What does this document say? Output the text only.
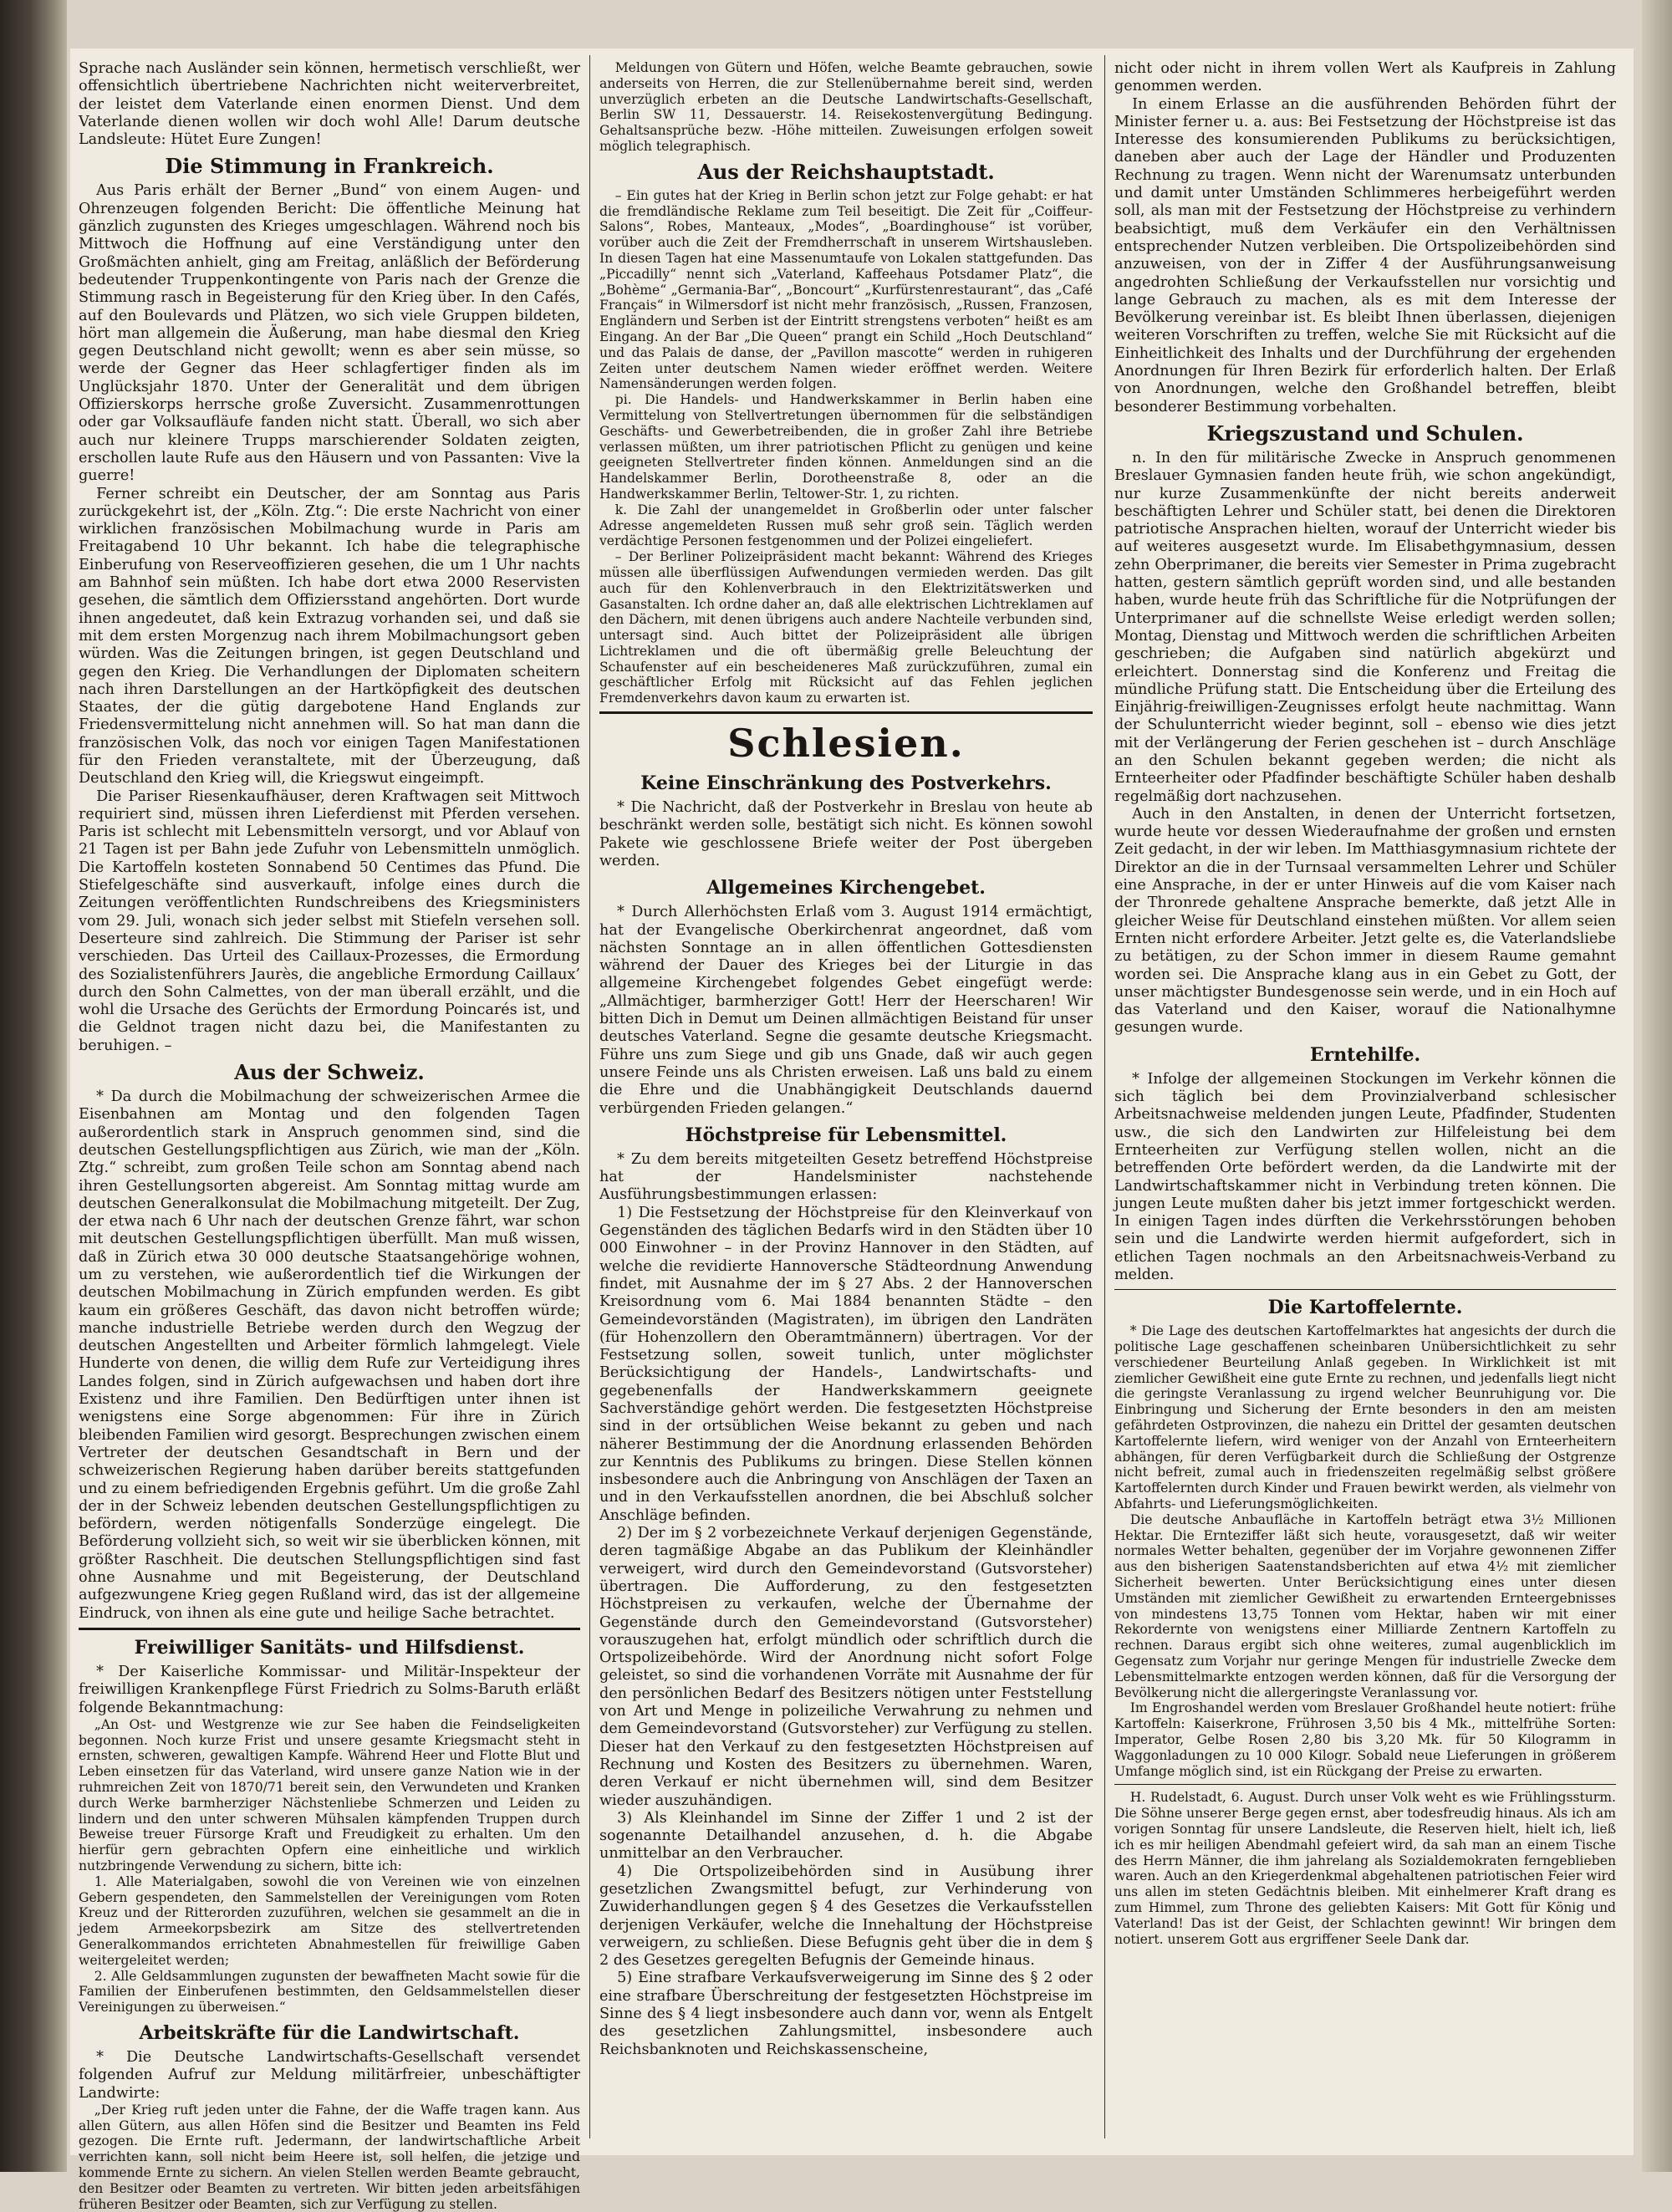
Sprache nach Ausländer sein können, hermetisch verschließt, wer offensichtlich übertriebene Nachrichten nicht weiterverbreitet, der leistet dem Vaterlande einen enormen Dienst. Und dem Vaterlande dienen wollen wir doch wohl Alle! Darum deutsche Landsleute: Hütet Eure Zungen!

Die Stimmung in Frankreich.

Aus Paris erhält der Berner „Bund“ von einem Augen- und Ohrenzeugen folgenden Bericht: Die öffentliche Meinung hat gänzlich zugunsten des Krieges umgeschlagen. Während noch bis Mittwoch die Hoffnung auf eine Verständigung unter den Großmächten anhielt, ging am Freitag, anläßlich der Beförderung bedeutender Truppenkontingente von Paris nach der Grenze die Stimmung rasch in Begeisterung für den Krieg über. In den Cafés, auf den Boulevards und Plätzen, wo sich viele Gruppen bildeten, hört man allgemein die Äußerung, man habe diesmal den Krieg gegen Deutschland nicht gewollt; wenn es aber sein müsse, so werde der Gegner das Heer schlagfertiger finden als im Unglücksjahr 1870. Unter der Generalität und dem übrigen Offizierskorps herrsche große Zuversicht. Zusammenrottungen oder gar Volksaufläufe fanden nicht statt. Überall, wo sich aber auch nur kleinere Trupps marschierender Soldaten zeigten, erschollen laute Rufe aus den Häusern und von Passanten: Vive la guerre!

Ferner schreibt ein Deutscher, der am Sonntag aus Paris zurückgekehrt ist, der „Köln. Ztg.“: Die erste Nachricht von einer wirklichen französischen Mobilmachung wurde in Paris am Freitagabend 10 Uhr bekannt. Ich habe die telegraphische Einberufung von Reserveoffizieren gesehen, die um 1 Uhr nachts am Bahnhof sein müßten. Ich habe dort etwa 2000 Reservisten gesehen, die sämtlich dem Offiziersstand angehörten. Dort wurde ihnen angedeutet, daß kein Extrazug vorhanden sei, und daß sie mit dem ersten Morgenzug nach ihrem Mobilmachungsort geben würden. Was die Zeitungen bringen, ist gegen Deutschland und gegen den Krieg. Die Verhandlungen der Diplomaten scheitern nach ihren Darstellungen an der Hartköpfigkeit des deutschen Staates, der die gütig dargebotene Hand Englands zur Friedensvermittelung nicht annehmen will. So hat man dann die französischen Volk, das noch vor einigen Tagen Manifestationen für den Frieden veranstaltete, mit der Überzeugung, daß Deutschland den Krieg will, die Kriegswut eingeimpft.

Die Pariser Riesenkaufhäuser, deren Kraftwagen seit Mittwoch requiriert sind, müssen ihren Lieferdienst mit Pferden versehen. Paris ist schlecht mit Lebensmitteln versorgt, und vor Ablauf von 21 Tagen ist per Bahn jede Zufuhr von Lebensmitteln unmöglich. Die Kartoffeln kosteten Sonnabend 50 Centimes das Pfund. Die Stiefelgeschäfte sind ausverkauft, infolge eines durch die Zeitungen veröffentlichten Rundschreibens des Kriegsministers vom 29. Juli, wonach sich jeder selbst mit Stiefeln versehen soll. Deserteure sind zahlreich. Die Stimmung der Pariser ist sehr verschieden. Das Urteil des Caillaux-Prozesses, die Ermordung des Sozialistenführers Jaurès, die angebliche Ermordung Caillaux’ durch den Sohn Calmettes, von der man überall erzählt, und die wohl die Ursache des Gerüchts der Ermordung Poincarés ist, und die Geldnot tragen nicht dazu bei, die Manifestanten zu beruhigen. –

Aus der Schweiz.

* Da durch die Mobilmachung der schweizerischen Armee die Eisenbahnen am Montag und den folgenden Tagen außerordentlich stark in Anspruch genommen sind, sind die deutschen Gestellungspflichtigen aus Zürich, wie man der „Köln. Ztg.“ schreibt, zum großen Teile schon am Sonntag abend nach ihren Gestellungsorten abgereist. Am Sonntag mittag wurde am deutschen Generalkonsulat die Mobilmachung mitgeteilt. Der Zug, der etwa nach 6 Uhr nach der deutschen Grenze fährt, war schon mit deutschen Gestellungspflichtigen überfüllt. Man muß wissen, daß in Zürich etwa 30 000 deutsche Staatsangehörige wohnen, um zu verstehen, wie außerordentlich tief die Wirkungen der deutschen Mobilmachung in Zürich empfunden werden. Es gibt kaum ein größeres Geschäft, das davon nicht betroffen würde; manche industrielle Betriebe werden durch den Wegzug der deutschen Angestellten und Arbeiter förmlich lahmgelegt. Viele Hunderte von denen, die willig dem Rufe zur Verteidigung ihres Landes folgen, sind in Zürich aufgewachsen und haben dort ihre Existenz und ihre Familien. Den Bedürftigen unter ihnen ist wenigstens eine Sorge abgenommen: Für ihre in Zürich bleibenden Familien wird gesorgt. Besprechungen zwischen einem Vertreter der deutschen Gesandtschaft in Bern und der schweizerischen Regierung haben darüber bereits stattgefunden und zu einem befriedigenden Ergebnis geführt. Um die große Zahl der in der Schweiz lebenden deutschen Gestellungspflichtigen zu befördern, werden nötigenfalls Sonderzüge eingelegt. Die Beförderung vollzieht sich, so weit wir sie überblicken können, mit größter Raschheit. Die deutschen Stellungspflichtigen sind fast ohne Ausnahme und mit Begeisterung, der Deutschland aufgezwungene Krieg gegen Rußland wird, das ist der allgemeine Eindruck, von ihnen als eine gute und heilige Sache betrachtet.

Freiwilliger Sanitäts- und Hilfsdienst.

* Der Kaiserliche Kommissar- und Militär-Inspekteur der freiwilligen Krankenpflege Fürst Friedrich zu Solms-Baruth erläßt folgende Bekanntmachung:

„An Ost- und Westgrenze wie zur See haben die Feindseligkeiten begonnen. Noch kurze Frist und unsere gesamte Kriegsmacht steht in ernsten, schweren, gewaltigen Kampfe. Während Heer und Flotte Blut und Leben einsetzen für das Vaterland, wird unsere ganze Nation wie in der ruhmreichen Zeit von 1870/71 bereit sein, den Verwundeten und Kranken durch Werke barmherziger Nächstenliebe Schmerzen und Leiden zu lindern und den unter schweren Mühsalen kämpfenden Truppen durch Beweise treuer Fürsorge Kraft und Freudigkeit zu erhalten. Um den hierfür gern gebrachten Opfern eine einheitliche und wirklich nutzbringende Verwendung zu sichern, bitte ich:

1. Alle Materialgaben, sowohl die von Vereinen wie von einzelnen Gebern gespendeten, den Sammelstellen der Vereinigungen vom Roten Kreuz und der Ritterorden zuzuführen, welchen sie gesammelt an die in jedem Armeekorpsbezirk am Sitze des stellvertretenden Generalkommandos errichteten Abnahmestellen für freiwillige Gaben weitergeleitet werden;

2. Alle Geldsammlungen zugunsten der bewaffneten Macht sowie für die Familien der Einberufenen bestimmten, den Geldsammelstellen dieser Vereinigungen zu überweisen.“

Arbeitskräfte für die Landwirtschaft.

* Die Deutsche Landwirtschafts-Gesellschaft versendet folgenden Aufruf zur Meldung militärfreier, unbeschäftigter Landwirte:

„Der Krieg ruft jeden unter die Fahne, der die Waffe tragen kann. Aus allen Gütern, aus allen Höfen sind die Besitzer und Beamten ins Feld gezogen. Die Ernte ruft. Jedermann, der landwirtschaftliche Arbeit verrichten kann, soll nicht beim Heere ist, soll helfen, die jetzige und kommende Ernte zu sichern. An vielen Stellen werden Beamte gebraucht, den Besitzer oder Beamten zu vertreten. Wir bitten jeden arbeitsfähigen früheren Besitzer oder Beamten, sich zur Verfügung zu stellen.

Meldungen von Gütern und Höfen, welche Beamte gebrauchen, sowie anderseits von Herren, die zur Stellenübernahme bereit sind, werden unverzüglich erbeten an die Deutsche Landwirtschafts-Gesellschaft, Berlin SW 11, Dessauerstr. 14. Reisekostenvergütung Bedingung. Gehaltsansprüche bezw. -Höhe mitteilen. Zuweisungen erfolgen soweit möglich telegraphisch.

Aus der Reichshauptstadt.

– Ein gutes hat der Krieg in Berlin schon jetzt zur Folge gehabt: er hat die fremdländische Reklame zum Teil beseitigt. Die Zeit für „Coiffeur-Salons“, Robes, Manteaux, „Modes“, „Boardinghouse“ ist vorüber, vorüber auch die Zeit der Fremdherrschaft in unserem Wirtshausleben. In diesen Tagen hat eine Massenumtaufe von Lokalen stattgefunden. Das „Piccadilly“ nennt sich „Vaterland, Kaffeehaus Potsdamer Platz“, die „Bohème“ „Germania-Bar“, „Boncourt“ „Kurfürstenrestaurant“, das „Café Français“ in Wilmersdorf ist nicht mehr französisch, „Russen, Franzosen, Engländern und Serben ist der Eintritt strengstens verboten“ heißt es am Eingang. An der Bar „Die Queen“ prangt ein Schild „Hoch Deutschland“ und das Palais de danse, der „Pavillon mascotte“ werden in ruhigeren Zeiten unter deutschem Namen wieder eröffnet werden. Weitere Namensänderungen werden folgen.

pi. Die Handels- und Handwerkskammer in Berlin haben eine Vermittelung von Stellvertretungen übernommen für die selbständigen Geschäfts- und Gewerbetreibenden, die in großer Zahl ihre Betriebe verlassen müßten, um ihrer patriotischen Pflicht zu genügen und keine geeigneten Stellvertreter finden können. Anmeldungen sind an die Handelskammer Berlin, Dorotheenstraße 8, oder an die Handwerkskammer Berlin, Teltower-Str. 1, zu richten.

k. Die Zahl der unangemeldet in Großberlin oder unter falscher Adresse angemeldeten Russen muß sehr groß sein. Täglich werden verdächtige Personen festgenommen und der Polizei eingeliefert.

– Der Berliner Polizeipräsident macht bekannt: Während des Krieges müssen alle überflüssigen Aufwendungen vermieden werden. Das gilt auch für den Kohlenverbrauch in den Elektrizitätswerken und Gasanstalten. Ich ordne daher an, daß alle elektrischen Lichtreklamen auf den Dächern, mit denen übrigens auch andere Nachteile verbunden sind, untersagt sind. Auch bittet der Polizeipräsident alle übrigen Lichtreklamen und die oft übermäßig grelle Beleuchtung der Schaufenster auf ein bescheideneres Maß zurückzuführen, zumal ein geschäftlicher Erfolg mit Rücksicht auf das Fehlen jeglichen Fremdenverkehrs davon kaum zu erwarten ist.

Schlesien.
Keine Einschränkung des Postverkehrs.

* Die Nachricht, daß der Postverkehr in Breslau von heute ab beschränkt werden solle, bestätigt sich nicht. Es können sowohl Pakete wie geschlossene Briefe weiter der Post übergeben werden.

Allgemeines Kirchengebet.

* Durch Allerhöchsten Erlaß vom 3. August 1914 ermächtigt, hat der Evangelische Oberkirchenrat angeordnet, daß vom nächsten Sonntage an in allen öffentlichen Gottesdiensten während der Dauer des Krieges bei der Liturgie in das allgemeine Kirchengebet folgendes Gebet eingefügt werde: „Allmächtiger, barmherziger Gott! Herr der Heerscharen! Wir bitten Dich in Demut um Deinen allmächtigen Beistand für unser deutsches Vaterland. Segne die gesamte deutsche Kriegsmacht. Führe uns zum Siege und gib uns Gnade, daß wir auch gegen unsere Feinde uns als Christen erweisen. Laß uns bald zu einem die Ehre und die Unabhängigkeit Deutschlands dauernd verbürgenden Frieden gelangen.“

Höchstpreise für Lebensmittel.

* Zu dem bereits mitgeteilten Gesetz betreffend Höchstpreise hat der Handelsminister nachstehende Ausführungsbestimmungen erlassen:

1) Die Festsetzung der Höchstpreise für den Kleinverkauf von Gegenständen des täglichen Bedarfs wird in den Städten über 10 000 Einwohner – in der Provinz Hannover in den Städten, auf welche die revidierte Hannoversche Städteordnung Anwendung findet, mit Ausnahme der im § 27 Abs. 2 der Hannoverschen Kreisordnung vom 6. Mai 1884 benannten Städte – den Gemeindevorständen (Magistraten), im übrigen den Landräten (für Hohenzollern den Oberamtmännern) übertragen. Vor der Festsetzung sollen, soweit tunlich, unter möglichster Berücksichtigung der Handels-, Landwirtschafts- und gegebenenfalls der Handwerkskammern geeignete Sachverständige gehört werden. Die festgesetzten Höchstpreise sind in der ortsüblichen Weise bekannt zu geben und nach näherer Bestimmung der die Anordnung erlassenden Behörden zur Kenntnis des Publikums zu bringen. Diese Stellen können insbesondere auch die Anbringung von Anschlägen der Taxen an und in den Verkaufsstellen anordnen, die bei Abschluß solcher Anschläge befinden.

2) Der im § 2 vorbezeichnete Verkauf derjenigen Gegenstände, deren tagmäßige Abgabe an das Publikum der Kleinhändler verweigert, wird durch den Gemeindevorstand (Gutsvorsteher) übertragen. Die Aufforderung, zu den festgesetzten Höchstpreisen zu verkaufen, welche der Übernahme der Gegenstände durch den Gemeindevorstand (Gutsvorsteher) vorauszugehen hat, erfolgt mündlich oder schriftlich durch die Ortspolizeibehörde. Wird der Anordnung nicht sofort Folge geleistet, so sind die vorhandenen Vorräte mit Ausnahme der für den persönlichen Bedarf des Besitzers nötigen unter Feststellung von Art und Menge in polizeiliche Verwahrung zu nehmen und dem Gemeindevorstand (Gutsvorsteher) zur Verfügung zu stellen. Dieser hat den Verkauf zu den festgesetzten Höchstpreisen auf Rechnung und Kosten des Besitzers zu übernehmen. Waren, deren Verkauf er nicht übernehmen will, sind dem Besitzer wieder auszuhändigen.

3) Als Kleinhandel im Sinne der Ziffer 1 und 2 ist der sogenannte Detailhandel anzusehen, d. h. die Abgabe unmittelbar an den Verbraucher.

4) Die Ortspolizeibehörden sind in Ausübung ihrer gesetzlichen Zwangsmittel befugt, zur Verhinderung von Zuwiderhandlungen gegen § 4 des Gesetzes die Verkaufsstellen derjenigen Verkäufer, welche die Innehaltung der Höchstpreise verweigern, zu schließen. Diese Befugnis geht über die in dem § 2 des Gesetzes geregelten Befugnis der Gemeinde hinaus.

5) Eine strafbare Verkaufsverweigerung im Sinne des § 2 oder eine strafbare Überschreitung der festgesetzten Höchstpreise im Sinne des § 4 liegt insbesondere auch dann vor, wenn als Entgelt des gesetzlichen Zahlungsmittel, insbesondere auch Reichsbanknoten und Reichskassenscheine,

nicht oder nicht in ihrem vollen Wert als Kaufpreis in Zahlung genommen werden.

In einem Erlasse an die ausführenden Behörden führt der Minister ferner u. a. aus: Bei Festsetzung der Höchstpreise ist das Interesse des konsumierenden Publikums zu berücksichtigen, daneben aber auch der Lage der Händler und Produzenten Rechnung zu tragen. Wenn nicht der Warenumsatz unterbunden und damit unter Umständen Schlimmeres herbeigeführt werden soll, als man mit der Festsetzung der Höchstpreise zu verhindern beabsichtigt, muß dem Verkäufer ein den Verhältnissen entsprechender Nutzen verbleiben. Die Ortspolizeibehörden sind anzuweisen, von der in Ziffer 4 der Ausführungsanweisung angedrohten Schließung der Verkaufsstellen nur vorsichtig und lange Gebrauch zu machen, als es mit dem Interesse der Bevölkerung vereinbar ist. Es bleibt Ihnen überlassen, diejenigen weiteren Vorschriften zu treffen, welche Sie mit Rücksicht auf die Einheitlichkeit des Inhalts und der Durchführung der ergehenden Anordnungen für Ihren Bezirk für erforderlich halten. Der Erlaß von Anordnungen, welche den Großhandel betreffen, bleibt besonderer Bestimmung vorbehalten.

Kriegszustand und Schulen.

n. In den für militärische Zwecke in Anspruch genommenen Breslauer Gymnasien fanden heute früh, wie schon angekündigt, nur kurze Zusammenkünfte der nicht bereits anderweit beschäftigten Lehrer und Schüler statt, bei denen die Direktoren patriotische Ansprachen hielten, worauf der Unterricht wieder bis auf weiteres ausgesetzt wurde. Im Elisabethgymnasium, dessen zehn Oberprimaner, die bereits vier Semester in Prima zugebracht hatten, gestern sämtlich geprüft worden sind, und alle bestanden haben, wurde heute früh das Schriftliche für die Notprüfungen der Unterprimaner auf die schnellste Weise erledigt werden sollen; Montag, Dienstag und Mittwoch werden die schriftlichen Arbeiten geschrieben; die Aufgaben sind natürlich abgekürzt und erleichtert. Donnerstag sind die Konferenz und Freitag die mündliche Prüfung statt. Die Entscheidung über die Erteilung des Einjährig-freiwilligen-Zeugnisses erfolgt heute nachmittag. Wann der Schulunterricht wieder beginnt, soll – ebenso wie dies jetzt mit der Verlängerung der Ferien geschehen ist – durch Anschläge an den Schulen bekannt gegeben werden; die nicht als Ernteerheiter oder Pfadfinder beschäftigte Schüler haben deshalb regelmäßig dort nachzusehen.

Auch in den Anstalten, in denen der Unterricht fortsetzen, wurde heute vor dessen Wiederaufnahme der großen und ernsten Zeit gedacht, in der wir leben. Im Matthiasgymnasium richtete der Direktor an die in der Turnsaal versammelten Lehrer und Schüler eine Ansprache, in der er unter Hinweis auf die vom Kaiser nach der Thronrede gehaltene Ansprache bemerkte, daß jetzt Alle in gleicher Weise für Deutschland einstehen müßten. Vor allem seien Ernten nicht erfordere Arbeiter. Jetzt gelte es, die Vaterlandsliebe zu betätigen, zu der Schon immer in diesem Raume gemahnt worden sei. Die Ansprache klang aus in ein Gebet zu Gott, der unser mächtigster Bundesgenosse sein werde, und in ein Hoch auf das Vaterland und den Kaiser, worauf die Nationalhymne gesungen wurde.

Erntehilfe.

* Infolge der allgemeinen Stockungen im Verkehr können die sich täglich bei dem Provinzialverband schlesischer Arbeitsnachweise meldenden jungen Leute, Pfadfinder, Studenten usw., die sich den Landwirten zur Hilfeleistung bei dem Ernteerheiten zur Verfügung stellen wollen, nicht an die betreffenden Orte befördert werden, da die Landwirte mit der Landwirtschaftskammer nicht in Verbindung treten können. Die jungen Leute mußten daher bis jetzt immer fortgeschickt werden. In einigen Tagen indes dürften die Verkehrsstörungen behoben sein und die Landwirte werden hiermit aufgefordert, sich in etlichen Tagen nochmals an den Arbeitsnachweis-Verband zu melden.

Die Kartoffelernte.

* Die Lage des deutschen Kartoffelmarktes hat angesichts der durch die politische Lage geschaffenen scheinbaren Unübersichtlichkeit zu sehr verschiedener Beurteilung Anlaß gegeben. In Wirklichkeit ist mit ziemlicher Gewißheit eine gute Ernte zu rechnen, und jedenfalls liegt nicht die geringste Veranlassung zu irgend welcher Beunruhigung vor. Die Einbringung und Sicherung der Ernte besonders in den am meisten gefährdeten Ostprovinzen, die nahezu ein Drittel der gesamten deutschen Kartoffelernte liefern, wird weniger von der Anzahl von Ernteerheitern abhängen, für deren Verfügbarkeit durch die Schließung der Ostgrenze nicht befreit, zumal auch in friedenszeiten regelmäßig selbst größere Kartoffelernten durch Kinder und Frauen bewirkt werden, als vielmehr von Abfahrts- und Lieferungsmöglichkeiten.

Die deutsche Anbaufläche in Kartoffeln beträgt etwa 3½ Millionen Hektar. Die Ernteziffer läßt sich heute, vorausgesetzt, daß wir weiter normales Wetter behalten, gegenüber der im Vorjahre gewonnenen Ziffer aus den bisherigen Saatenstandsberichten auf etwa 4½ mit ziemlicher Sicherheit bewerten. Unter Berücksichtigung eines unter diesen Umständen mit ziemlicher Gewißheit zu erwartenden Ernteergebnisses von mindestens 13,75 Tonnen vom Hektar, haben wir mit einer Rekordernte von wenigstens einer Milliarde Zentnern Kartoffeln zu rechnen. Daraus ergibt sich ohne weiteres, zumal augenblicklich im Gegensatz zum Vorjahr nur geringe Mengen für industrielle Zwecke dem Lebensmittelmarkte entzogen werden können, daß für die Versorgung der Bevölkerung nicht die allergeringste Veranlassung vor.

Im Engroshandel werden vom Breslauer Großhandel heute notiert: frühe Kartoffeln: Kaiserkrone, Frührosen 3,50 bis 4 Mk., mittelfrühe Sorten: Imperator, Gelbe Rosen 2,80 bis 3,20 Mk. für 50 Kilogramm in Waggonladungen zu 10 000 Kilogr. Sobald neue Lieferungen in größerem Umfange möglich sind, ist ein Rückgang der Preise zu erwarten.

H. Rudelstadt, 6. August. Durch unser Volk weht es wie Frühlingssturm. Die Söhne unserer Berge gegen ernst, aber todesfreudig hinaus. Als ich am vorigen Sonntag für unsere Landsleute, die Reserven hielt, hielt ich, ließ ich es mir heiligen Abendmahl gefeiert wird, da sah man an einem Tische des Herrn Männer, die ihm jahrelang als Sozialdemokraten ferngeblieben waren. Auch an den Kriegerdenkmal abgehaltenen patriotischen Feier wird uns allen im steten Gedächtnis bleiben. Mit einhelmerer Kraft drang es zum Himmel, zum Throne des geliebten Kaisers: Mit Gott für König und Vaterland! Das ist der Geist, der Schlachten gewinnt! Wir bringen dem notiert. unserem Gott aus ergriffener Seele Dank dar.
